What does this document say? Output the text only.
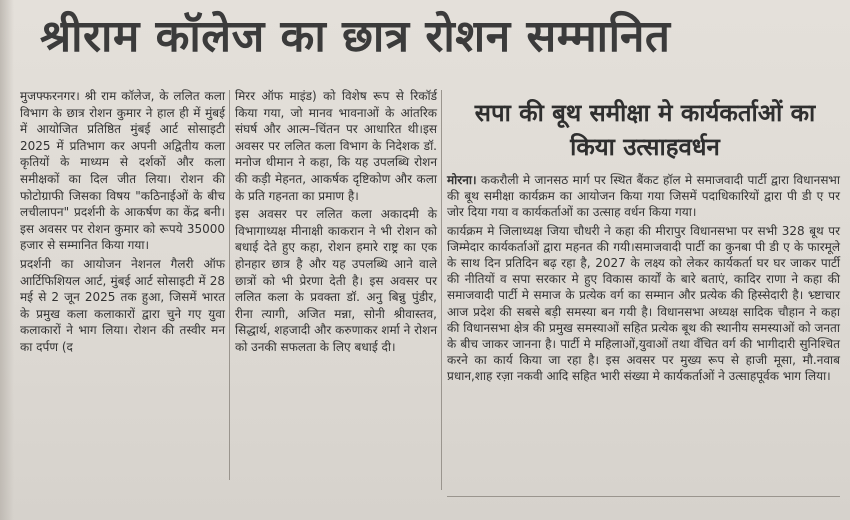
श्रीराम कॉलेज का छात्र रोशन सम्मानित

मुजफ्फरनगर। श्री राम कॉलेज, के ललित कला विभाग के छात्र रोशन कुमार ने हाल ही में मुंबई में आयोजित प्रतिष्ठित मुंबई आर्ट सोसाइटी 2025 में प्रतिभाग कर अपनी अद्वितीय कला कृतियों के माध्यम से दर्शकों और कला समीक्षकों का दिल जीत लिया। रोशन की फोटोग्राफी जिसका विषय "कठिनाईओं के बीच लचीलापन" प्रदर्शनी के आकर्षण का केंद्र बनी। इस अवसर पर रोशन कुमार को रूपये 35000 हजार से सम्मानित किया गया।

प्रदर्शनी का आयोजन नेशनल गैलरी ऑफ आर्टिफिशियल आर्ट, मुंबई आर्ट सोसाइटी में 28 मई से 2 जून 2025 तक हुआ, जिसमें भारत के प्रमुख कला कलाकारों द्वारा चुने गए युवा कलाकारों ने भाग लिया। रोशन की तस्वीर मन का दर्पण (द

मिरर ऑफ माइंड) को विशेष रूप से रिकॉर्ड किया गया, जो मानव भावनाओं के आंतरिक संघर्ष और आत्म–चिंतन पर आधारित थी।इस अवसर पर ललित कला विभाग के निदेशक डॉ. मनोज धीमान ने कहा, कि यह उपलब्धि रोशन की कड़ी मेहनत, आकर्षक दृष्टिकोण और कला के प्रति गहनता का प्रमाण है।

इस अवसर पर ललित कला अकादमी के विभागाध्यक्ष मीनाक्षी काकरान ने भी रोशन को बधाई देते हुए कहा, रोशन हमारे राष्ट्र का एक होनहार छात्र है और यह उपलब्धि आने वाले छात्रों को भी प्रेरणा देती है। इस अवसर पर ललित कला के प्रवक्ता डॉ. अनु बिन्नु पुंडीर, रीना त्यागी, अजित मन्ना, सोनी श्रीवास्तव, सिद्धार्थ, शहजादी और करुणाकर शर्मा ने रोशन को उनकी सफलता के लिए बधाई दी।

सपा की बूथ समीक्षा मे कार्यकर्ताओं का किया उत्साहवर्धन

मोरना। ककरौली मे जानसठ मार्ग पर स्थित बैंकट हॉल मे समाजवादी पार्टी द्वारा विधानसभा की बूथ समीक्षा कार्यक्रम का आयोजन किया गया जिसमें पदाधिकारियों द्वारा पी डी ए पर जोर दिया गया व कार्यकर्ताओं का उत्साह वर्धन किया गया।

कार्यक्रम मे जिलाध्यक्ष जिया चौधरी ने कहा की मीरापुर विधानसभा पर सभी 328 बूथ पर जिम्मेदार कार्यकर्ताओं द्वारा महनत की गयी।समाजवादी पार्टी का कुनबा पी डी ए के फारमूले के साथ दिन प्रतिदिन बढ़ रहा है, 2027 के लक्ष्य को लेकर कार्यकर्ता घर घर जाकर पार्टी की नीतियों व सपा सरकार मे हुए विकास कार्यों के बारे बताएं, कादिर राणा ने कहा की समाजवादी पार्टी मे समाज के प्रत्येक वर्ग का सम्मान और प्रत्येक की हिस्सेदारी है। भ्र्ष्टाचार आज प्रदेश की सबसे बड़ी समस्या बन गयी है। विधानसभा अध्यक्ष सादिक चौहान ने कहा की विधानसभा क्षेत्र की प्रमुख समस्याओं सहित प्रत्येक बूथ की स्थानीय समस्याओं को जनता के बीच जाकर जानना है। पार्टी मे महिलाओं,युवाओं तथा वँचित वर्ग की भागीदारी सुनिश्चित करने का कार्य किया जा रहा है। इस अवसर पर मुख्य रूप से हाजी मूसा, मौ.नवाब प्रधान,शाह रज़ा नकवी आदि सहित भारी संख्या मे कार्यकर्ताओं ने उत्साहपूर्वक भाग लिया।
